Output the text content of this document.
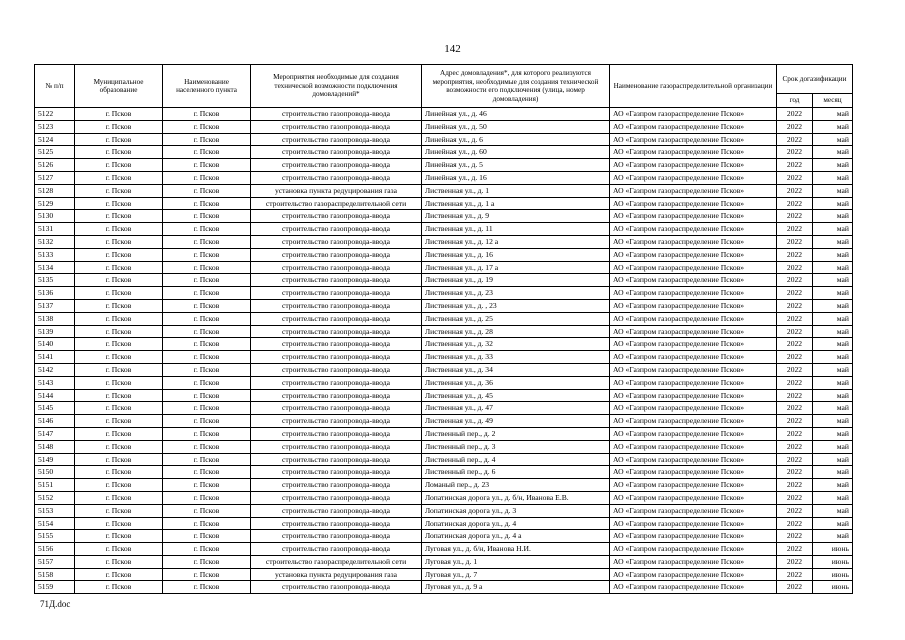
142
№ п/п	Муниципальное образование	Наименование населенного пункта	Мероприятия необходимые для создания технической возможности подключения домовладений*	Адрес домовладения*, для которого реализуются мероприятия, необходимые для создания технической возможности его подключения (улица, номер домовладения)	Наименование газораспределительной организации	Срок догазификации	
						год	месяц
5122	г. Псков	г. Псков	строительство газопровода-ввода	Линейная ул., д. 46	АО «Газпром газораспределение Псков»	2022	май
5123	г. Псков	г. Псков	строительство газопровода-ввода	Линейная ул., д. 50	АО «Газпром газораспределение Псков»	2022	май
5124	г. Псков	г. Псков	строительство газопровода-ввода	Линейная ул., д. 6	АО «Газпром газораспределение Псков»	2022	май
5125	г. Псков	г. Псков	строительство газопровода-ввода	Линейная ул., д. 60	АО «Газпром газораспределение Псков»	2022	май
5126	г. Псков	г. Псков	строительство газопровода-ввода	Линейная ул., д. 5	АО «Газпром газораспределение Псков»	2022	май
5127	г. Псков	г. Псков	строительство газопровода-ввода	Линейная ул., д. 16	АО «Газпром газораспределение Псков»	2022	май
5128	г. Псков	г. Псков	установка пункта редуцирования газа	Лиственная ул., д. 1	АО «Газпром газораспределение Псков»	2022	май
5129	г. Псков	г. Псков	строительство газораспределительной сети	Лиственная ул., д. 1 а	АО «Газпром газораспределение Псков»	2022	май
5130	г. Псков	г. Псков	строительство газопровода-ввода	Лиственная ул., д. 9	АО «Газпром газораспределение Псков»	2022	май
5131	г. Псков	г. Псков	строительство газопровода-ввода	Лиственная ул., д. 11	АО «Газпром газораспределение Псков»	2022	май
5132	г. Псков	г. Псков	строительство газопровода-ввода	Лиственная ул., д. 12 а	АО «Газпром газораспределение Псков»	2022	май
5133	г. Псков	г. Псков	строительство газопровода-ввода	Лиственная ул., д. 16	АО «Газпром газораспределение Псков»	2022	май
5134	г. Псков	г. Псков	строительство газопровода-ввода	Лиственная ул., д. 17 а	АО «Газпром газораспределение Псков»	2022	май
5135	г. Псков	г. Псков	строительство газопровода-ввода	Лиственная ул., д. 19	АО «Газпром газораспределение Псков»	2022	май
5136	г. Псков	г. Псков	строительство газопровода-ввода	Лиственная ул., д. 23	АО «Газпром газораспределение Псков»	2022	май
5137	г. Псков	г. Псков	строительство газопровода-ввода	Лиственная ул., д. , 23	АО «Газпром газораспределение Псков»	2022	май
5138	г. Псков	г. Псков	строительство газопровода-ввода	Лиственная ул., д. 25	АО «Газпром газораспределение Псков»	2022	май
5139	г. Псков	г. Псков	строительство газопровода-ввода	Лиственная ул., д. 28	АО «Газпром газораспределение Псков»	2022	май
5140	г. Псков	г. Псков	строительство газопровода-ввода	Лиственная ул., д. 32	АО «Газпром газораспределение Псков»	2022	май
5141	г. Псков	г. Псков	строительство газопровода-ввода	Лиственная ул., д. 33	АО «Газпром газораспределение Псков»	2022	май
5142	г. Псков	г. Псков	строительство газопровода-ввода	Лиственная ул., д. 34	АО «Газпром газораспределение Псков»	2022	май
5143	г. Псков	г. Псков	строительство газопровода-ввода	Лиственная ул., д. 36	АО «Газпром газораспределение Псков»	2022	май
5144	г. Псков	г. Псков	строительство газопровода-ввода	Лиственная ул., д. 45	АО «Газпром газораспределение Псков»	2022	май
5145	г. Псков	г. Псков	строительство газопровода-ввода	Лиственная ул., д. 47	АО «Газпром газораспределение Псков»	2022	май
5146	г. Псков	г. Псков	строительство газопровода-ввода	Лиственная ул., д. 49	АО «Газпром газораспределение Псков»	2022	май
5147	г. Псков	г. Псков	строительство газопровода-ввода	Лиственный пер., д. 2	АО «Газпром газораспределение Псков»	2022	май
5148	г. Псков	г. Псков	строительство газопровода-ввода	Лиственный пер., д. 3	АО «Газпром газораспределение Псков»	2022	май
5149	г. Псков	г. Псков	строительство газопровода-ввода	Лиственный пер., д. 4	АО «Газпром газораспределение Псков»	2022	май
5150	г. Псков	г. Псков	строительство газопровода-ввода	Лиственный пер., д. 6	АО «Газпром газораспределение Псков»	2022	май
5151	г. Псков	г. Псков	строительство газопровода-ввода	Ломаный пер., д. 23	АО «Газпром газораспределение Псков»	2022	май
5152	г. Псков	г. Псков	строительство газопровода-ввода	Лопатинская дорога ул., д. б/н, Иванова Е.В.	АО «Газпром газораспределение Псков»	2022	май
5153	г. Псков	г. Псков	строительство газопровода-ввода	Лопатинская дорога ул., д. 3	АО «Газпром газораспределение Псков»	2022	май
5154	г. Псков	г. Псков	строительство газопровода-ввода	Лопатинская дорога ул., д. 4	АО «Газпром газораспределение Псков»	2022	май
5155	г. Псков	г. Псков	строительство газопровода-ввода	Лопатинская дорога ул., д. 4 а	АО «Газпром газораспределение Псков»	2022	май
5156	г. Псков	г. Псков	строительство газопровода-ввода	Луговая ул., д. б/н, Иванова Н.И.	АО «Газпром газораспределение Псков»	2022	июнь
5157	г. Псков	г. Псков	строительство газораспределительной сети	Луговая ул., д. 1	АО «Газпром газораспределение Псков»	2022	июнь
5158	г. Псков	г. Псков	установка пункта редуцирования газа	Луговая ул., д. 7	АО «Газпром газораспределение Псков»	2022	июнь
5159	г. Псков	г. Псков	строительство газопровода-ввода	Луговая ул., д. 9 а	АО «Газпром газораспределение Псков»	2022	июнь
71Д.doc
